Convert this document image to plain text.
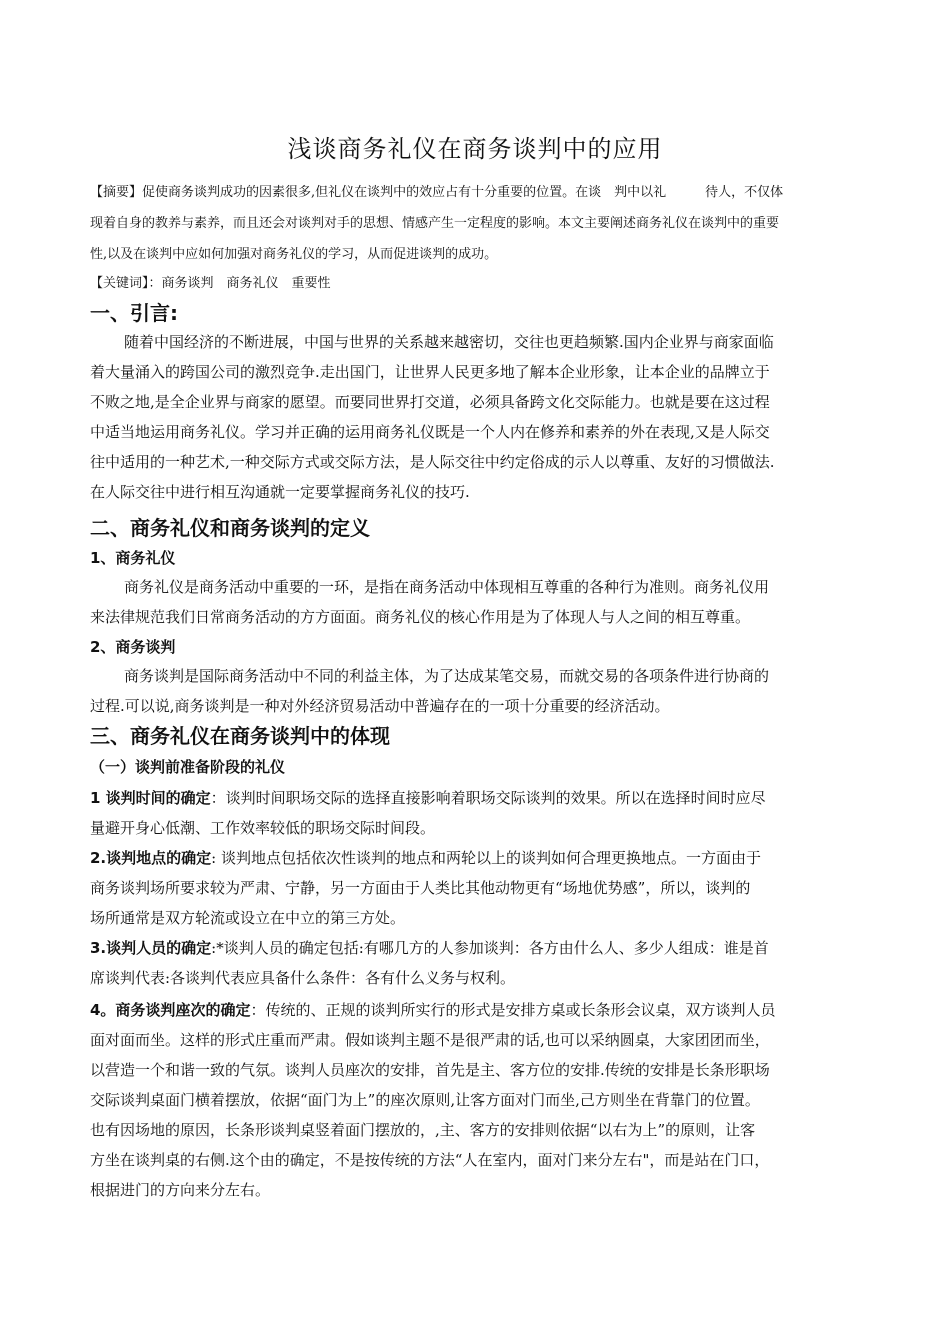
浅谈商务礼仪在商务谈判中的应用
【摘要】促使商务谈判成功的因素很多,但礼仪在谈判中的效应占有十分重要的位置。在谈　判中以礼　　　待人，不仅体
现着自身的教养与素养，而且还会对谈判对手的思想、情感产生一定程度的影响。本文主要阐述商务礼仪在谈判中的重要
性,以及在谈判中应如何加强对商务礼仪的学习，从而促进谈判的成功。
【关键词】：商务谈判　商务礼仪　重要性
一、引言:
随着中国经济的不断进展，中国与世界的关系越来越密切，交往也更趋频繁.国内企业界与商家面临
着大量涌入的跨国公司的激烈竞争.走出国门，让世界人民更多地了解本企业形象，让本企业的品牌立于
不败之地,是全企业界与商家的愿望。而要同世界打交道，必须具备跨文化交际能力。也就是要在这过程
中适当地运用商务礼仪。学习并正确的运用商务礼仪既是一个人内在修养和素养的外在表现,又是人际交
往中适用的一种艺术,一种交际方式或交际方法，是人际交往中约定俗成的示人以尊重、友好的习惯做法.
在人际交往中进行相互沟通就一定要掌握商务礼仪的技巧.
二、商务礼仪和商务谈判的定义
1、商务礼仪
商务礼仪是商务活动中重要的一环，是指在商务活动中体现相互尊重的各种行为准则。商务礼仪用
来法律规范我们日常商务活动的方方面面。商务礼仪的核心作用是为了体现人与人之间的相互尊重。
2、商务谈判
商务谈判是国际商务活动中不同的利益主体，为了达成某笔交易，而就交易的各项条件进行协商的
过程.可以说,商务谈判是一种对外经济贸易活动中普遍存在的一项十分重要的经济活动。
三、商务礼仪在商务谈判中的体现
（一）谈判前准备阶段的礼仪
1 谈判时间的确定：谈判时间职场交际的选择直接影响着职场交际谈判的效果。所以在选择时间时应尽
量避开身心低潮、工作效率较低的职场交际时间段。
2.谈判地点的确定: 谈判地点包括依次性谈判的地点和两轮以上的谈判如何合理更换地点。一方面由于
商务谈判场所要求较为严肃、宁静，另一方面由于人类比其他动物更有“场地优势感”，所以，谈判的
场所通常是双方轮流或设立在中立的第三方处。
3.谈判人员的确定:*谈判人员的确定包括:有哪几方的人参加谈判：各方由什么人、多少人组成：谁是首
席谈判代表:各谈判代表应具备什么条件：各有什么义务与权利。
4。商务谈判座次的确定：传统的、正规的谈判所实行的形式是安排方桌或长条形会议桌，双方谈判人员
面对面而坐。这样的形式庄重而严肃。假如谈判主题不是很严肃的话,也可以采纳圆桌，大家团团而坐，
以营造一个和谐一致的气氛。谈判人员座次的安排，首先是主、客方位的安排.传统的安排是长条形职场
交际谈判桌面门横着摆放，依据“面门为上”的座次原则,让客方面对门而坐,己方则坐在背靠门的位置。
也有因场地的原因，长条形谈判桌竖着面门摆放的，,主、客方的安排则依据“以右为上”的原则，让客
方坐在谈判桌的右侧.这个由的确定，不是按传统的方法“人在室内，面对门来分左右"，而是站在门口，
根据进门的方向来分左右。
